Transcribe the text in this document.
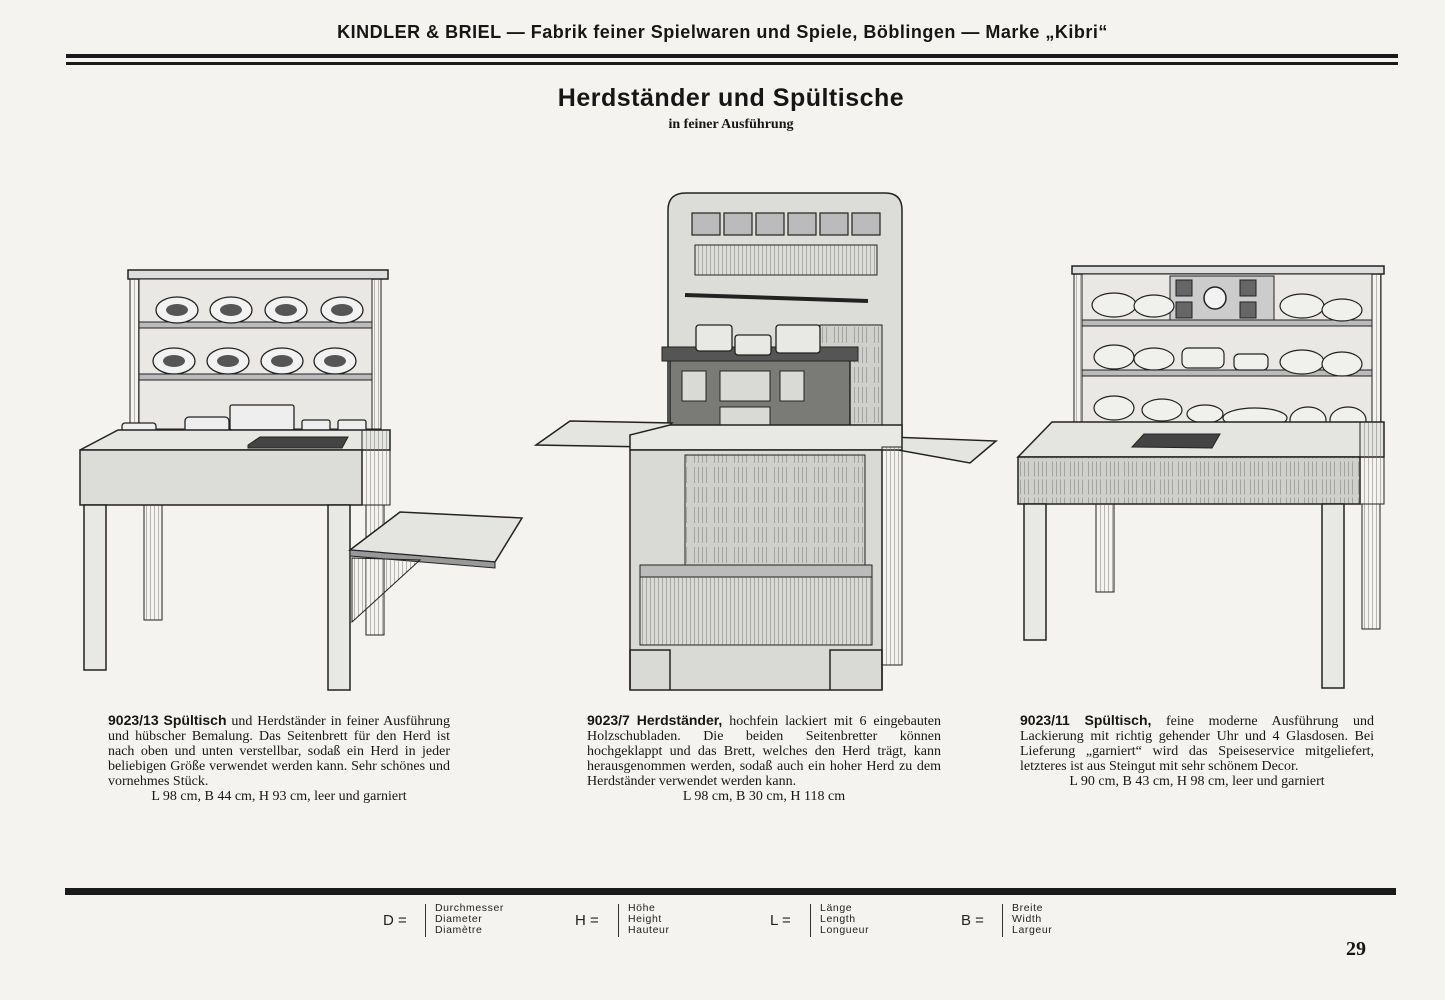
KINDLER & BRIEL — Fabrik feiner Spielwaren und Spiele, Böblingen — Marke „Kibri“
Herdständer und Spültische
in feiner Ausführung
9023/13 Spültisch und Herdständer in feiner Ausführung und hübscher Bemalung. Das Seitenbrett für den Herd ist nach oben und unten verstellbar, sodaß ein Herd in jeder beliebigen Größe verwendet werden kann. Sehr schönes und vornehmes Stück.
L 98 cm, B 44 cm, H 93 cm, leer und garniert
9023/7 Herdständer, hochfein lackiert mit 6 eingebauten Holzschubladen. Die beiden Seitenbretter können hochgeklappt und das Brett, welches den Herd trägt, kann herausgenommen werden, sodaß auch ein hoher Herd zu dem Herdständer verwendet werden kann.
L 98 cm, B 30 cm, H 118 cm
9023/11 Spültisch, feine moderne Ausführung und Lackierung mit richtig gehender Uhr und 4 Glasdosen. Bei Lieferung „garniert“ wird das Speiseservice mitgeliefert, letzteres ist aus Steingut mit sehr schönem Decor.
L 90 cm, B 43 cm, H 98 cm, leer und garniert
D =
Durchmesser
Diameter
Diamètre
H =
Höhe
Height
Hauteur
L =
Länge
Length
Longueur
B =
Breite
Width
Largeur
29
